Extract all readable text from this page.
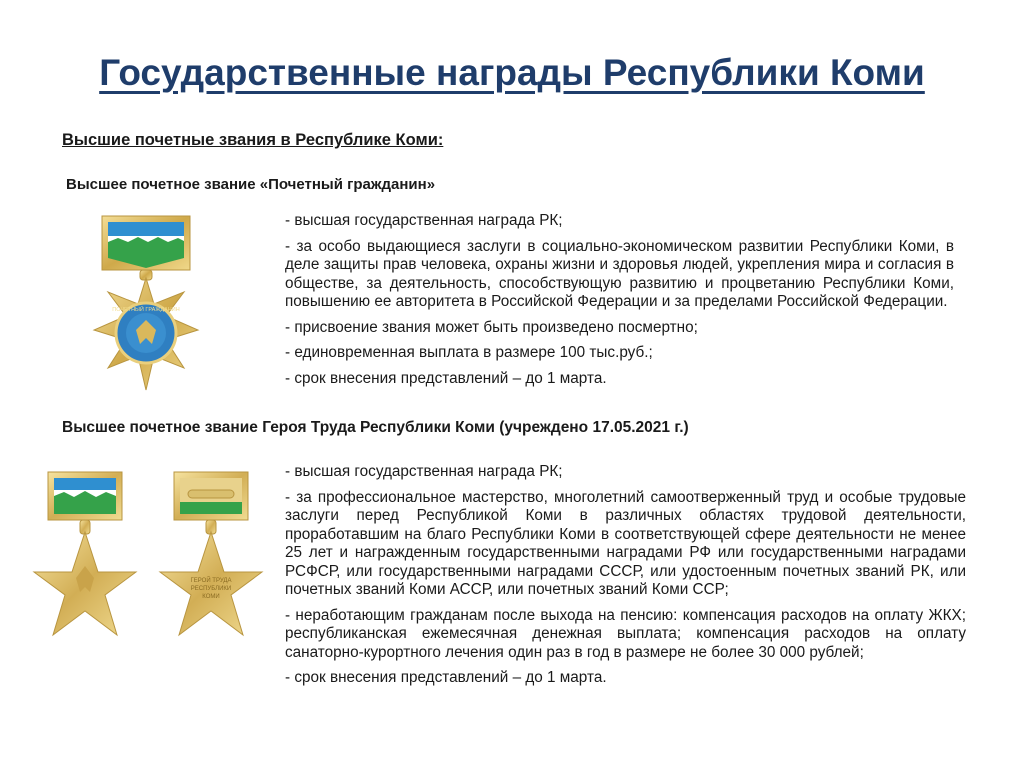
Государственные награды Республики Коми
Высшие почетные звания в Республике Коми:
Высшее почетное звание «Почетный гражданин»
ПОЧЕТНЫЙ ГРАЖДАНИН
- высшая государственная награда РК;
- за особо выдающиеся заслуги в социально-экономическом развитии Республики Коми, в деле защиты прав человека, охраны жизни и здоровья людей, укрепления мира и согласия в обществе, за деятельность, способствующую развитию и процветанию Республики Коми, повышению ее авторитета в Российской Федерации и за пределами Российской Федерации.
- присвоение звания может быть произведено посмертно;
- единовременная выплата в размере 100 тыс.руб.;
- срок внесения представлений – до 1 марта.
Высшее почетное звание Героя Труда Республики Коми (учреждено 17.05.2021 г.)
ГЕРОЙ ТРУДА
РЕСПУБЛИКИ
КОМИ
- высшая государственная награда РК;
- за профессиональное мастерство, многолетний самоотверженный труд и особые трудовые заслуги перед Республикой Коми в различных областях трудовой деятельности, проработавшим на благо Республики Коми в соответствующей сфере деятельности не менее 25 лет и награжденным государственными наградами РФ или государственными наградами РСФСР, или государственными наградами СССР, или удостоенным почетных званий РК, или почетных званий Коми АССР, или почетных званий Коми ССР;
- неработающим гражданам после выхода на пенсию: компенсация расходов на оплату ЖКХ; республиканская ежемесячная денежная выплата; компенсация расходов на оплату санаторно-курортного лечения один раз в год в размере не более 30 000 рублей;
- срок внесения представлений – до 1 марта.
